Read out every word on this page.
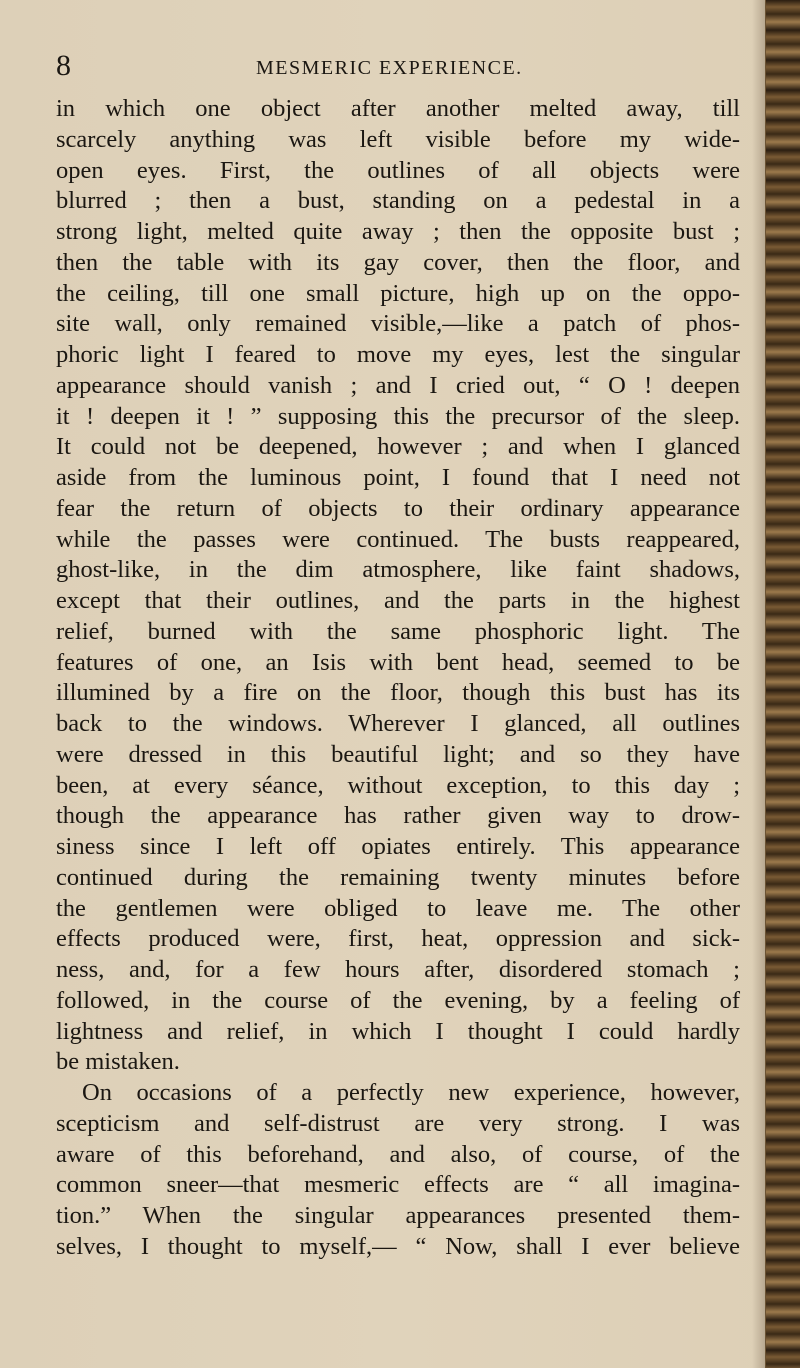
8	MESMERIC EXPERIENCE.
in which one object after another melted away, till
scarcely anything was left visible before my wide-
open eyes. First, the outlines of all objects were
blurred ; then a bust, standing on a pedestal in a
strong light, melted quite away ; then the opposite bust ;
then the table with its gay cover, then the floor, and
the ceiling, till one small picture, high up on the oppo-
site wall, only remained visible,—like a patch of phos-
phoric light I feared to move my eyes, lest the singular
appearance should vanish ; and I cried out, “ O ! deepen
it ! deepen it ! ” supposing this the precursor of the sleep.
It could not be deepened, however ; and when I glanced
aside from the luminous point, I found that I need not
fear the return of objects to their ordinary appearance
while the passes were continued. The busts reappeared,
ghost-like, in the dim atmosphere, like faint shadows,
except that their outlines, and the parts in the highest
relief, burned with the same phosphoric light. The
features of one, an Isis with bent head, seemed to be
illumined by a fire on the floor, though this bust has its
back to the windows. Wherever I glanced, all outlines
were dressed in this beautiful light; and so they have
been, at every séance, without exception, to this day ;
though the appearance has rather given way to drow-
siness since I left off opiates entirely. This appearance
continued during the remaining twenty minutes before
the gentlemen were obliged to leave me. The other
effects produced were, first, heat, oppression and sick-
ness, and, for a few hours after, disordered stomach ;
followed, in the course of the evening, by a feeling of
lightness and relief, in which I thought I could hardly
be mistaken.
On occasions of a perfectly new experience, however,
scepticism and self-distrust are very strong. I was
aware of this beforehand, and also, of course, of the
common sneer—that mesmeric effects are “ all imagina-
tion.” When the singular appearances presented them-
selves, I thought to myself,— “ Now, shall I ever believe
